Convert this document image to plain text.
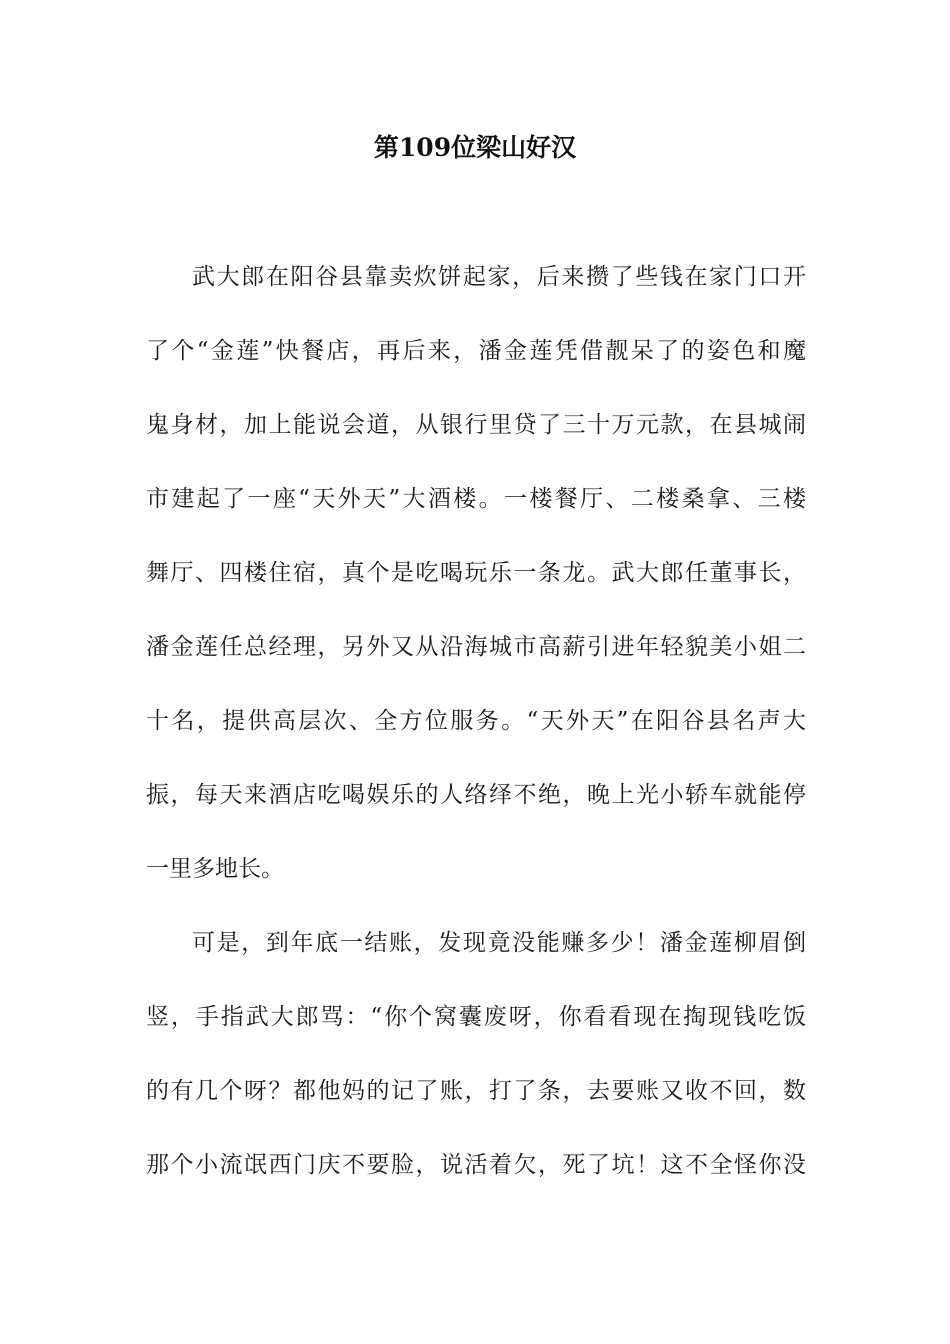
第109位梁山好汉
武大郎在阳谷县靠卖炊饼起家，后来攒了些钱在家门口开
了个“金莲”快餐店，再后来，潘金莲凭借靓呆了的姿色和魔
鬼身材，加上能说会道，从银行里贷了三十万元款，在县城闹
市建起了一座“天外天”大酒楼。一楼餐厅、二楼桑拿、三楼
舞厅、四楼住宿，真个是吃喝玩乐一条龙。武大郎任董事长，
潘金莲任总经理，另外又从沿海城市高薪引进年轻貌美小姐二
十名，提供高层次、全方位服务。“天外天”在阳谷县名声大
振，每天来酒店吃喝娱乐的人络绎不绝，晚上光小轿车就能停
一里多地长。
可是，到年底一结账，发现竟没能赚多少！潘金莲柳眉倒
竖，手指武大郎骂：“你个窝囊废呀，你看看现在掏现钱吃饭
的有几个呀？都他妈的记了账，打了条，去要账又收不回，数
那个小流氓西门庆不要脸，说活着欠，死了坑！这不全怪你没
